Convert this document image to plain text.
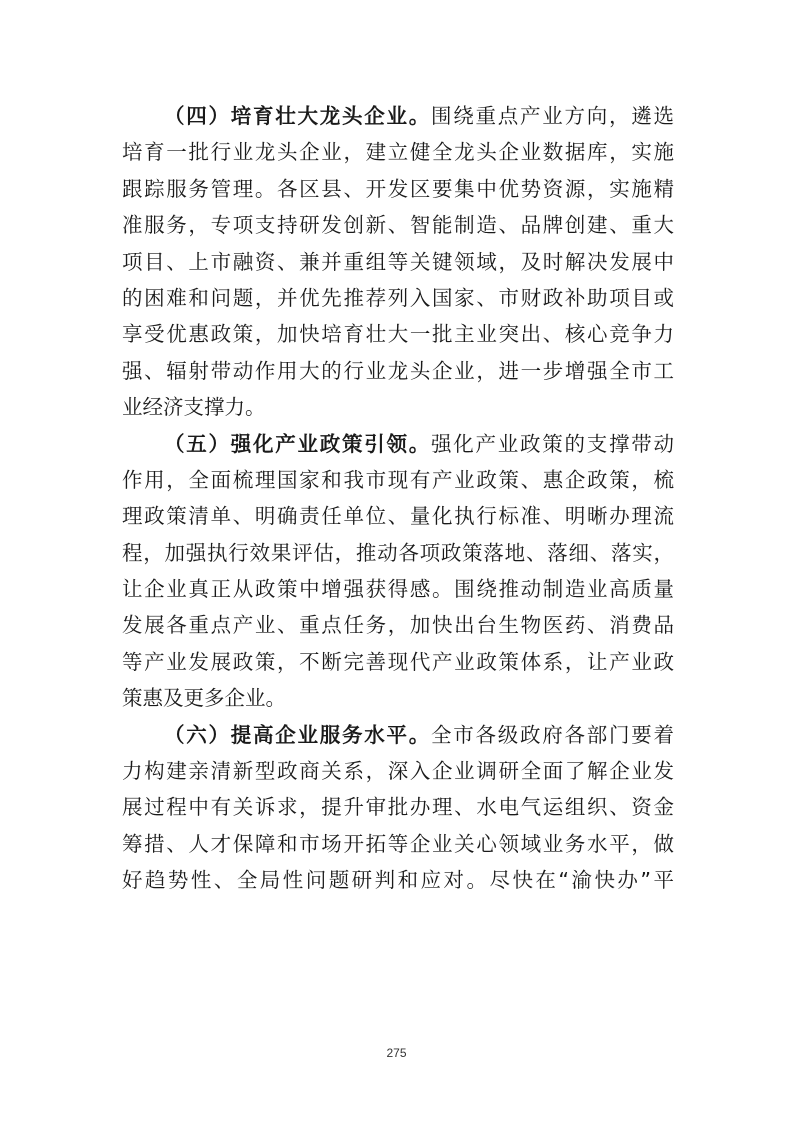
（四）培育壮大龙头企业。围绕重点产业方向，遴选
培育一批行业龙头企业，建立健全龙头企业数据库，实施
跟踪服务管理。各区县、开发区要集中优势资源，实施精
准服务，专项支持研发创新、智能制造、品牌创建、重大
项目、上市融资、兼并重组等关键领域，及时解决发展中
的困难和问题，并优先推荐列入国家、市财政补助项目或
享受优惠政策，加快培育壮大一批主业突出、核心竞争力
强、辐射带动作用大的行业龙头企业，进一步增强全市工
业经济支撑力。
（五）强化产业政策引领。强化产业政策的支撑带动
作用，全面梳理国家和我市现有产业政策、惠企政策，梳
理政策清单、明确责任单位、量化执行标准、明晰办理流
程，加强执行效果评估，推动各项政策落地、落细、落实，
让企业真正从政策中增强获得感。围绕推动制造业高质量
发展各重点产业、重点任务，加快出台生物医药、消费品
等产业发展政策，不断完善现代产业政策体系，让产业政
策惠及更多企业。
（六）提高企业服务水平。全市各级政府各部门要着
力构建亲清新型政商关系，深入企业调研全面了解企业发
展过程中有关诉求，提升审批办理、水电气运组织、资金
筹措、人才保障和市场开拓等企业关心领域业务水平，做
好趋势性、全局性问题研判和应对。尽快在“渝快办”平
275
